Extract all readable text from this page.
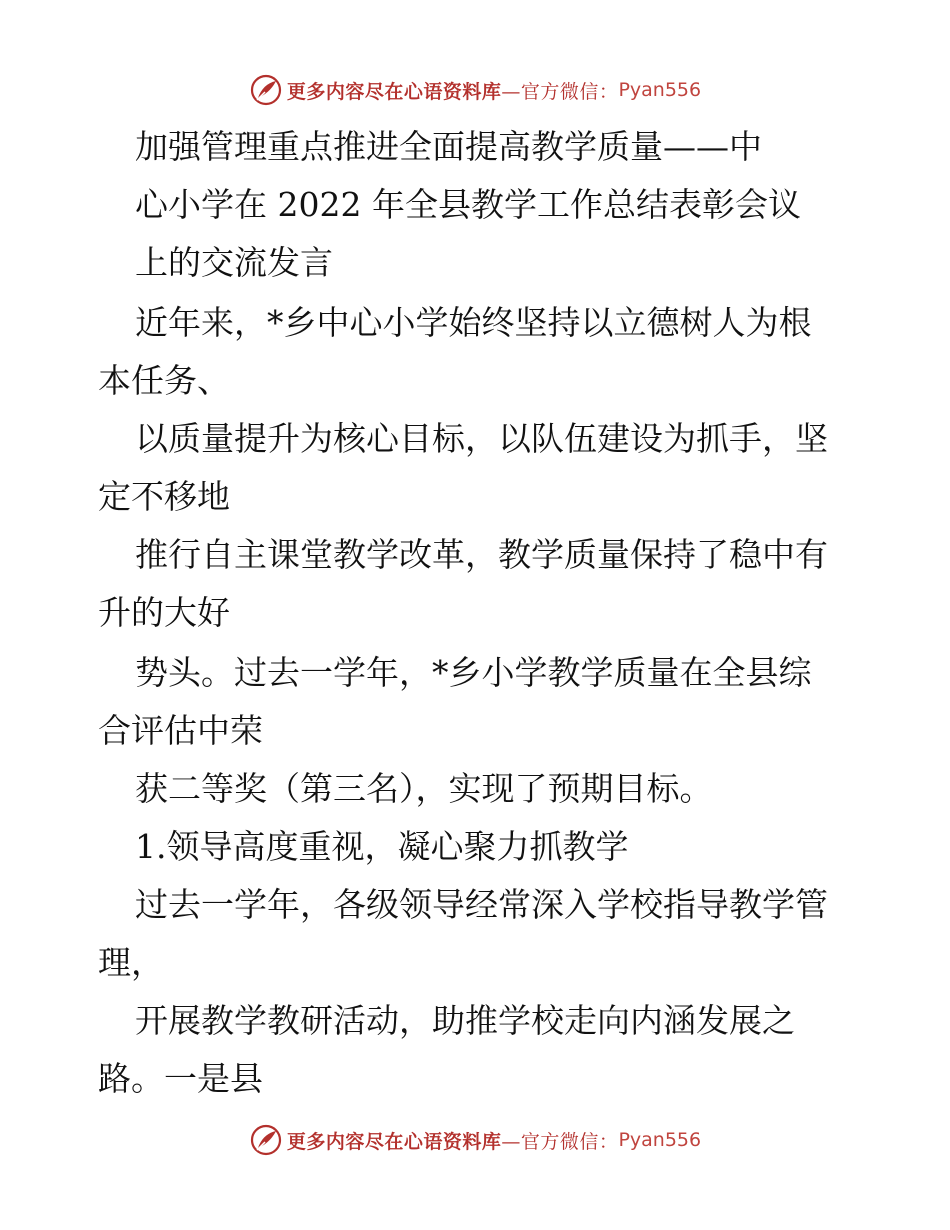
更多内容尽在心语资料库 —官方微信： Pyan556
加强管理重点推进全面提高教学质量——中
心小学在 2022 年全县教学工作总结表彰会议
上的交流发言
近年来，*乡中心小学始终坚持以立德树人为根
本任务、
以质量提升为核心目标，以队伍建设为抓手，坚
定不移地
推行自主课堂教学改革，教学质量保持了稳中有
升的大好
势头。过去一学年，*乡小学教学质量在全县综
合评估中荣
获二等奖（第三名），实现了预期目标。
1.领导高度重视，凝心聚力抓教学
过去一学年，各级领导经常深入学校指导教学管
理，
开展教学教研活动，助推学校走向内涵发展之
路。一是县
更多内容尽在心语资料库 —官方微信： Pyan556
